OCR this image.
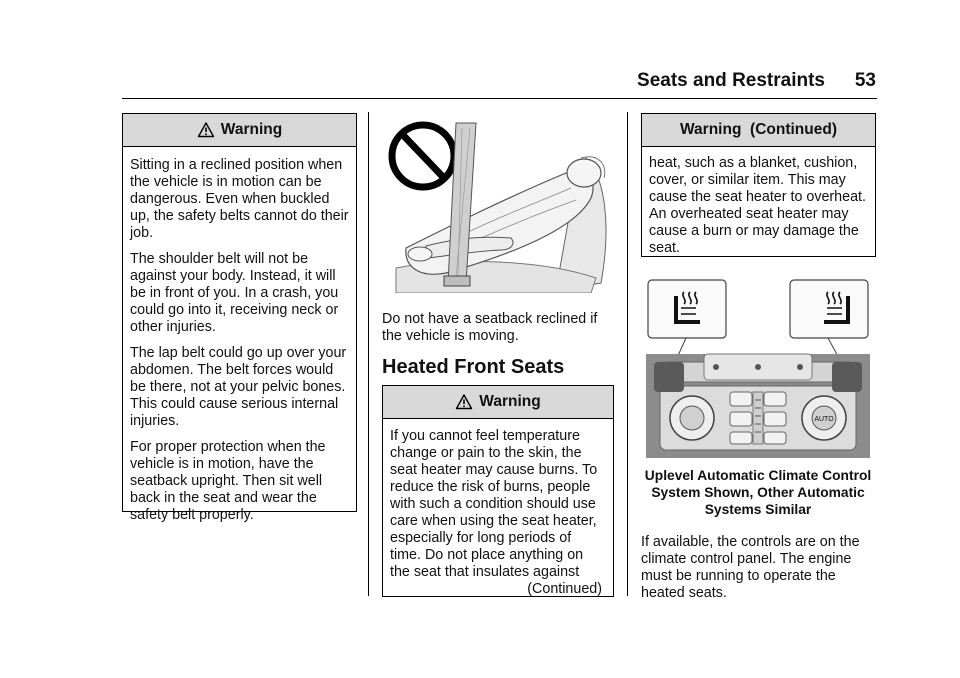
Seats and Restraints	53
Warning

Sitting in a reclined position when the vehicle is in motion can be dangerous. Even when buckled up, the safety belts cannot do their job.

The shoulder belt will not be against your body. Instead, it will be in front of you. In a crash, you could go into it, receiving neck or other injuries.

The lap belt could go up over your abdomen. The belt forces would be there, not at your pelvic bones. This could cause serious internal injuries.

For proper protection when the vehicle is in motion, have the seatback upright. Then sit well back in the seat and wear the safety belt properly.

Do not have a seatback reclined if the vehicle is moving.
Heated Front Seats
Warning

If you cannot feel temperature change or pain to the skin, the seat heater may cause burns. To reduce the risk of burns, people with such a condition should use care when using the seat heater, especially for long periods of time. Do not place anything on the seat that insulates against

(Continued)
Warning  (Continued)

heat, such as a blanket, cushion, cover, or similar item. This may cause the seat heater to overheat. An overheated seat heater may cause a burn or may damage the seat.

AUTO
Uplevel Automatic Climate Control System Shown, Other Automatic Systems Similar
If available, the controls are on the climate control panel. The engine must be running to operate the heated seats.
